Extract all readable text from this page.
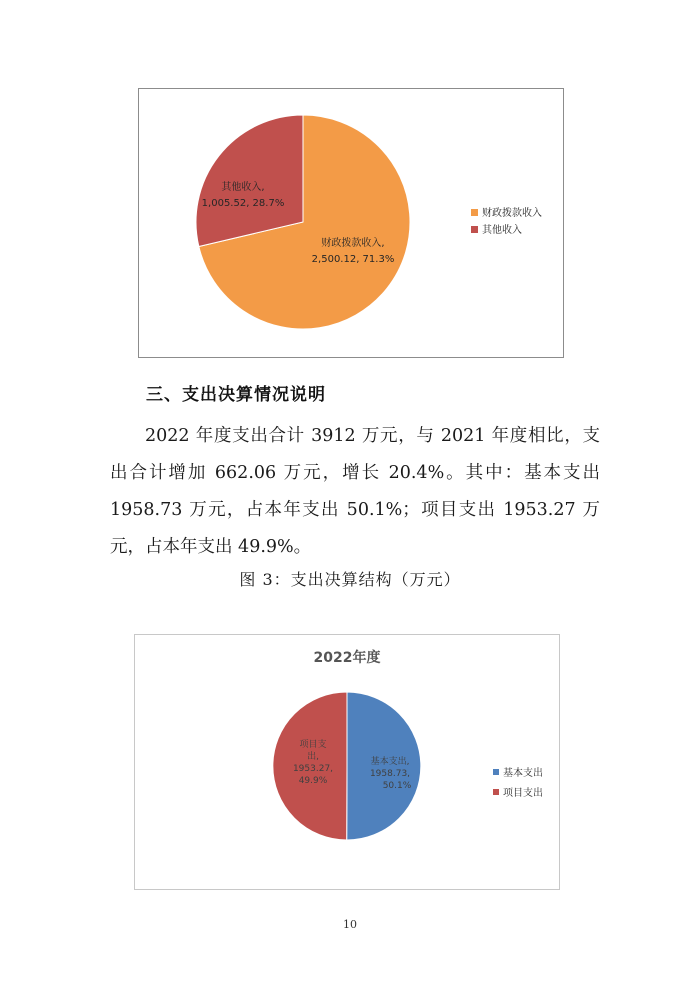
其他收入,
1,005.52, 28.7%
财政拨款收入,
2,500.12, 71.3%
财政拨款收入
其他收入
三、支出决算情况说明
2022 年度支出合计 3912 万元，与 2021 年度相比，支出合计增加 662.06 万元，增长 20.4%。其中：基本支出 1958.73 万元，占本年支出 50.1%；项目支出 1953.27 万元，占本年支出 49.9%。
图 3：支出决算结构（万元）
2022年度
基本支出,
1958.73,
50.1%
项目支
出,
1953.27,
49.9%
基本支出
项目支出
10
